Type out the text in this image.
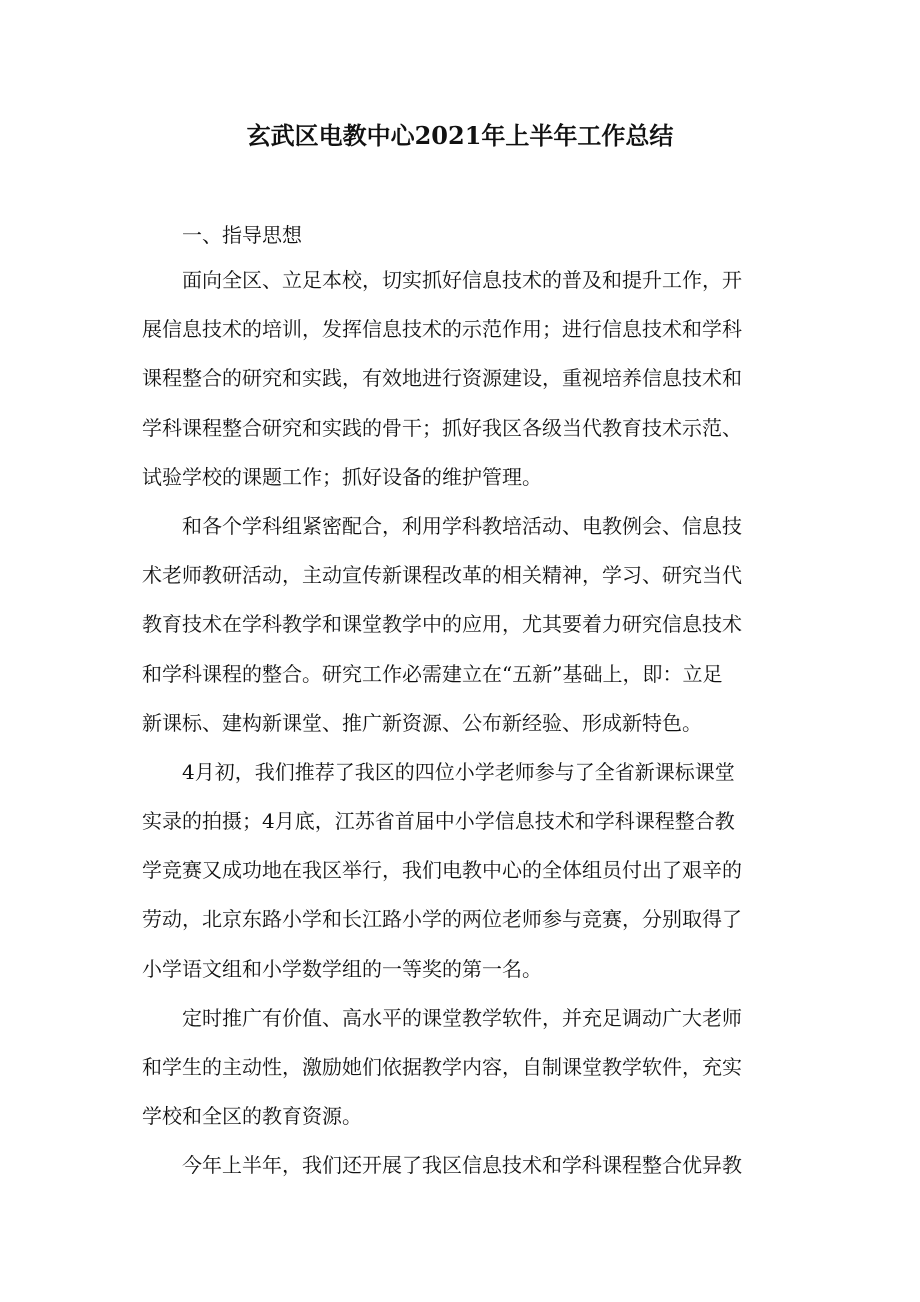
玄武区电教中心2021年上半年工作总结

一、指导思想

面向全区、立足本校，切实抓好信息技术的普及和提升工作，开
展信息技术的培训，发挥信息技术的示范作用；进行信息技术和学科
课程整合的研究和实践，有效地进行资源建设，重视培养信息技术和
学科课程整合研究和实践的骨干；抓好我区各级当代教育技术示范、
试验学校的课题工作；抓好设备的维护管理。

和各个学科组紧密配合，利用学科教培活动、电教例会、信息技
术老师教研活动，主动宣传新课程改革的相关精神，学习、研究当代
教育技术在学科教学和课堂教学中的应用，尤其要着力研究信息技术
和学科课程的整合。研究工作必需建立在“五新”基础上，即：立足
新课标、建构新课堂、推广新资源、公布新经验、形成新特色。

4月初，我们推荐了我区的四位小学老师参与了全省新课标课堂
实录的拍摄；4月底，江苏省首届中小学信息技术和学科课程整合教
学竞赛又成功地在我区举行，我们电教中心的全体组员付出了艰辛的
劳动，北京东路小学和长江路小学的两位老师参与竞赛，分别取得了
小学语文组和小学数学组的一等奖的第一名。

定时推广有价值、高水平的课堂教学软件，并充足调动广大老师
和学生的主动性，激励她们依据教学内容，自制课堂教学软件，充实
学校和全区的教育资源。

今年上半年，我们还开展了我区信息技术和学科课程整合优异教
